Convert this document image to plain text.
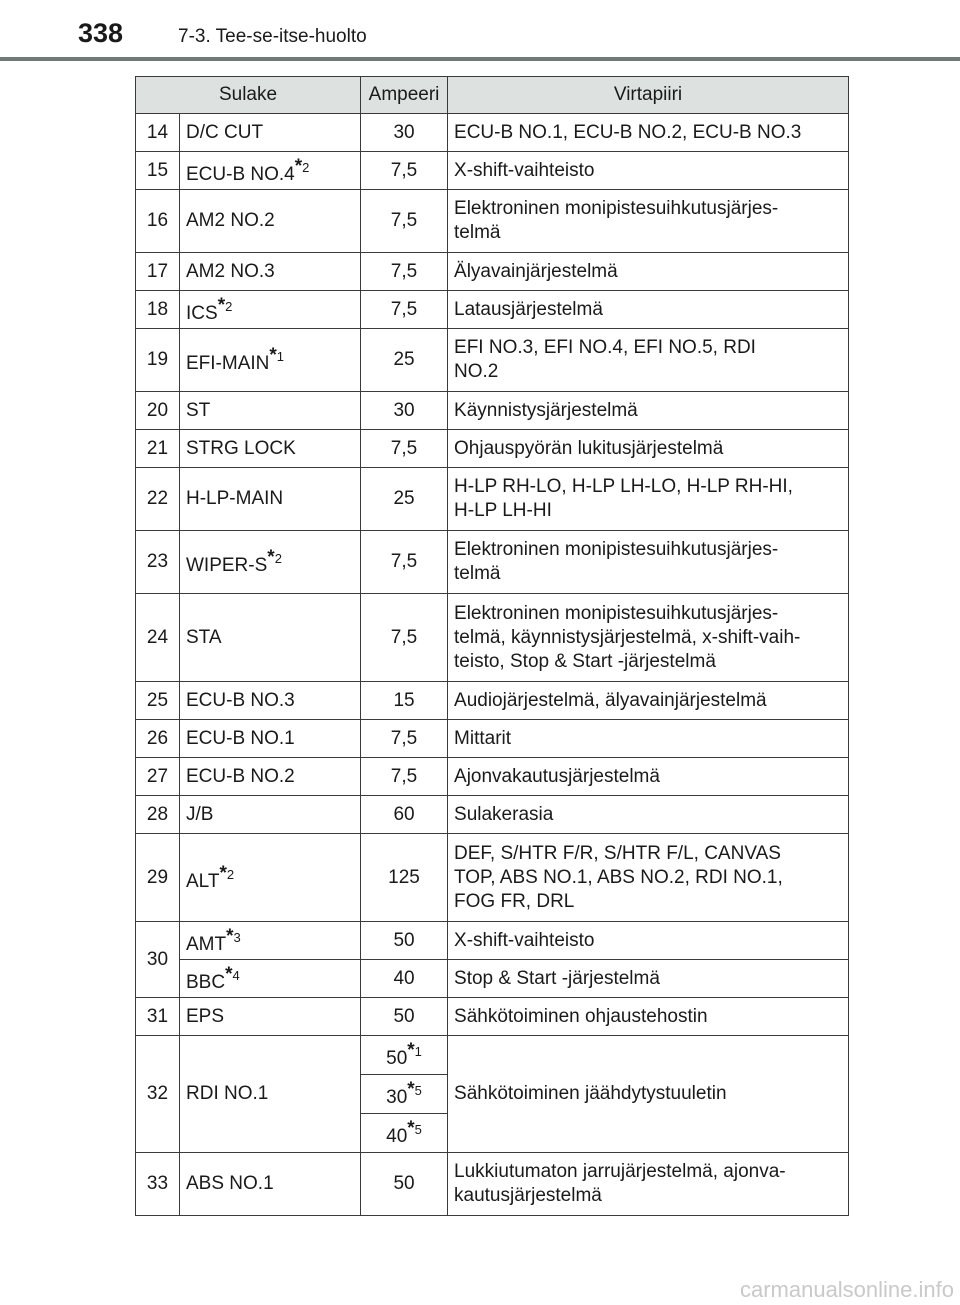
338	7-3. Tee-se-itse-huolto
Sulake		Ampeeri	Virtapiiri
14	D/C CUT	30	ECU-B NO.1, ECU-B NO.2, ECU-B NO.3
15	ECU-B NO.4$^{*2}$	7,5	X-shift-vaihteisto
16	AM2 NO.2	7,5	Elektroninen monipistesuihkutusjärjes-
telmä
17	AM2 NO.3	7,5	Älyavainjärjestelmä
18	ICS$^{*2}$	7,5	Latausjärjestelmä
19	EFI-MAIN$^{*1}$	25	EFI NO.3, EFI NO.4, EFI NO.5, RDI
NO.2
20	ST	30	Käynnistysjärjestelmä
21	STRG LOCK	7,5	Ohjauspyörän lukitusjärjestelmä
22	H-LP-MAIN	25	H-LP RH-LO, H-LP LH-LO, H-LP RH-HI,
H-LP LH-HI
23	WIPER-$S^{*2}$	7,5	Elektroninen monipistesuihkutusjärjes-
telmä
24	STA	7,5	Elektroninen monipistesuihkutusjärjes-
telmä, käynnistysjärjestelmä, x-shift-vaih-
teisto, Stop & Start -järjestelmä
25	ECU-B NO.3	15	Audiojärjestelmä, älyavainjärjestelmä
26	ECU-B NO.1	7,5	Mittarit
27	ECU-B NO.2	7,5	Ajonvakautusjärjestelmä
28	J/B	60	Sulakerasia
29	ALT$^{*2}$	125	DEF, S/HTR F/R, S/HTR F/L, CANVAS
TOP, ABS NO.1, ABS NO.2, RDI NO.1,
FOG FR, DRL
30	AMT$^{*3}$	50	X-shift-vaihteisto
	BBC$^{*4}$	40	Stop & Start -järjestelmä
31	EPS	50	Sähkötoiminen ohjaustehostin
32	RDI NO.1	50$^{*1}$	Sähkötoiminen jäähdytystuuletin
		30$^{*5}$
		40$^{*5}$
33	ABS NO.1	50	Lukkiutumaton jarrujärjestelmä, ajonva-
kautusjärjestelmä
carmanualsonline.info
